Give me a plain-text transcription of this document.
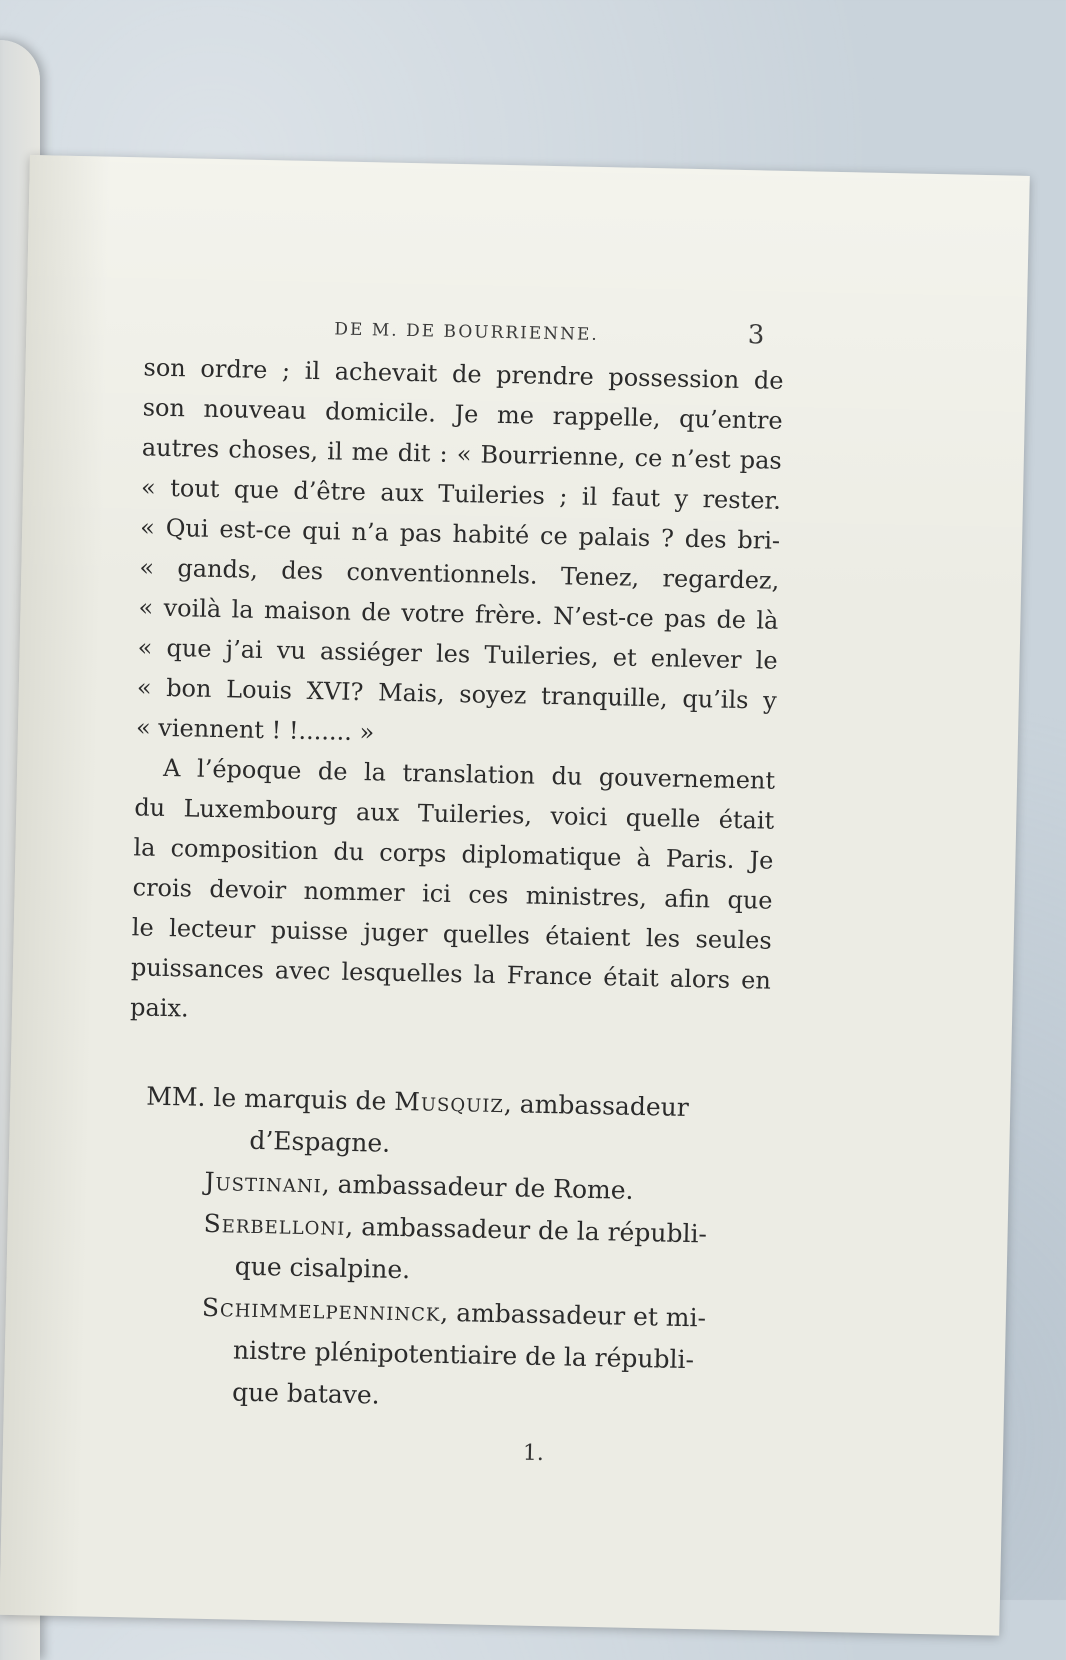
DE M. DE BOURRIENNE.	3
son ordre ; il achevait de prendre possession de
son nouveau domicile. Je me rappelle, qu’entre
autres choses, il me dit : « Bourrienne, ce n’est pas
« tout que d’être aux Tuileries ; il faut y rester.
« Qui est-ce qui n’a pas habité ce palais ? des bri-
« gands, des conventionnels. Tenez, regardez,
« voilà la maison de votre frère. N’est-ce pas de là
« que j’ai vu assiéger les Tuileries, et enlever le
« bon Louis XVI? Mais, soyez tranquille, qu’ils y
« viennent ! !....... »
A l’époque de la translation du gouvernement
du Luxembourg aux Tuileries, voici quelle était
la composition du corps diplomatique à Paris. Je
crois devoir nommer ici ces ministres, afin que
le lecteur puisse juger quelles étaient les seules
puissances avec lesquelles la France était alors en
paix.
MM. le marquis de Musquiz, ambassadeur
d’Espagne.
Justinani, ambassadeur de Rome.
Serbelloni, ambassadeur de la républi-
que cisalpine.
Schimmelpenninck, ambassadeur et mi-
nistre plénipotentiaire de la républi-
que batave.
1.
